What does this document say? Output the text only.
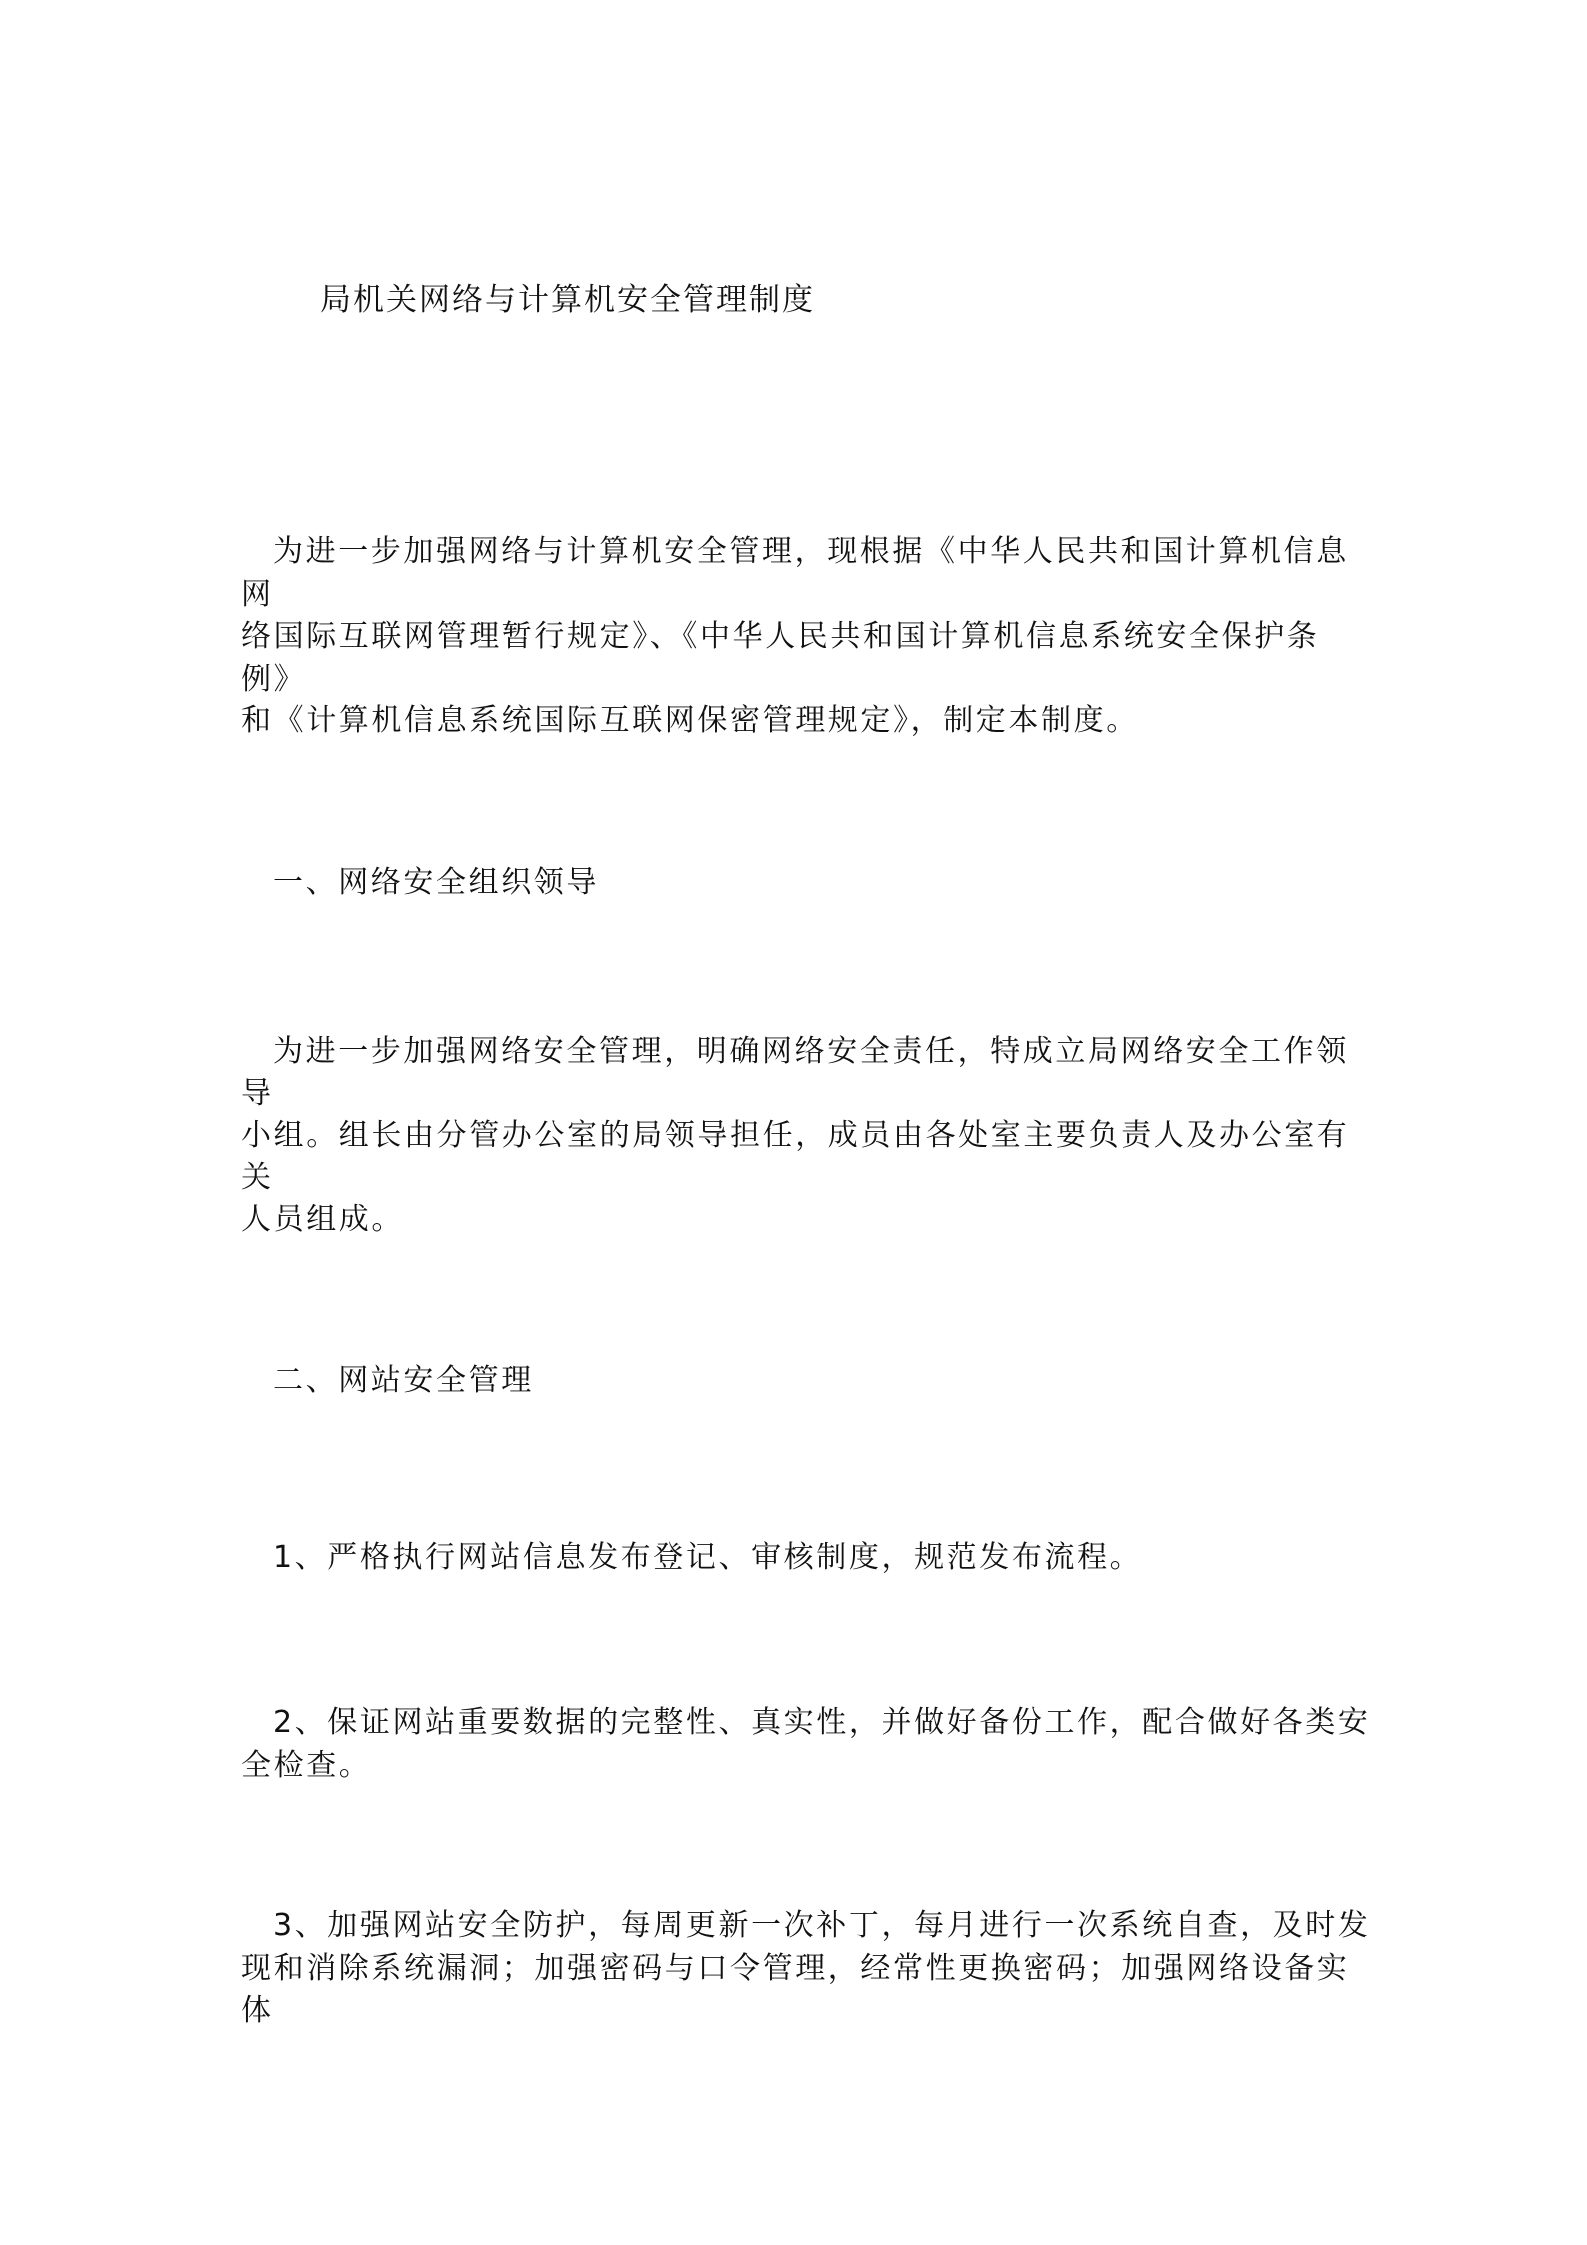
局机关网络与计算机安全管理制度
为进一步加强网络与计算机安全管理，现根据《中华人民共和国计算机信息
网
络国际互联网管理暂行规定》、《中华人民共和国计算机信息系统安全保护条
例》
和《计算机信息系统国际互联网保密管理规定》，制定本制度。
一、网络安全组织领导
为进一步加强网络安全管理，明确网络安全责任，特成立局网络安全工作领
导
小组。组长由分管办公室的局领导担任，成员由各处室主要负责人及办公室有
关
人员组成。
二、网站安全管理
1、严格执行网站信息发布登记、审核制度，规范发布流程。
2、保证网站重要数据的完整性、真实性，并做好备份工作，配合做好各类安
全检查。
3、加强网站安全防护，每周更新一次补丁，每月进行一次系统自查，及时发
现和消除系统漏洞；加强密码与口令管理，经常性更换密码；加强网络设备实
体
